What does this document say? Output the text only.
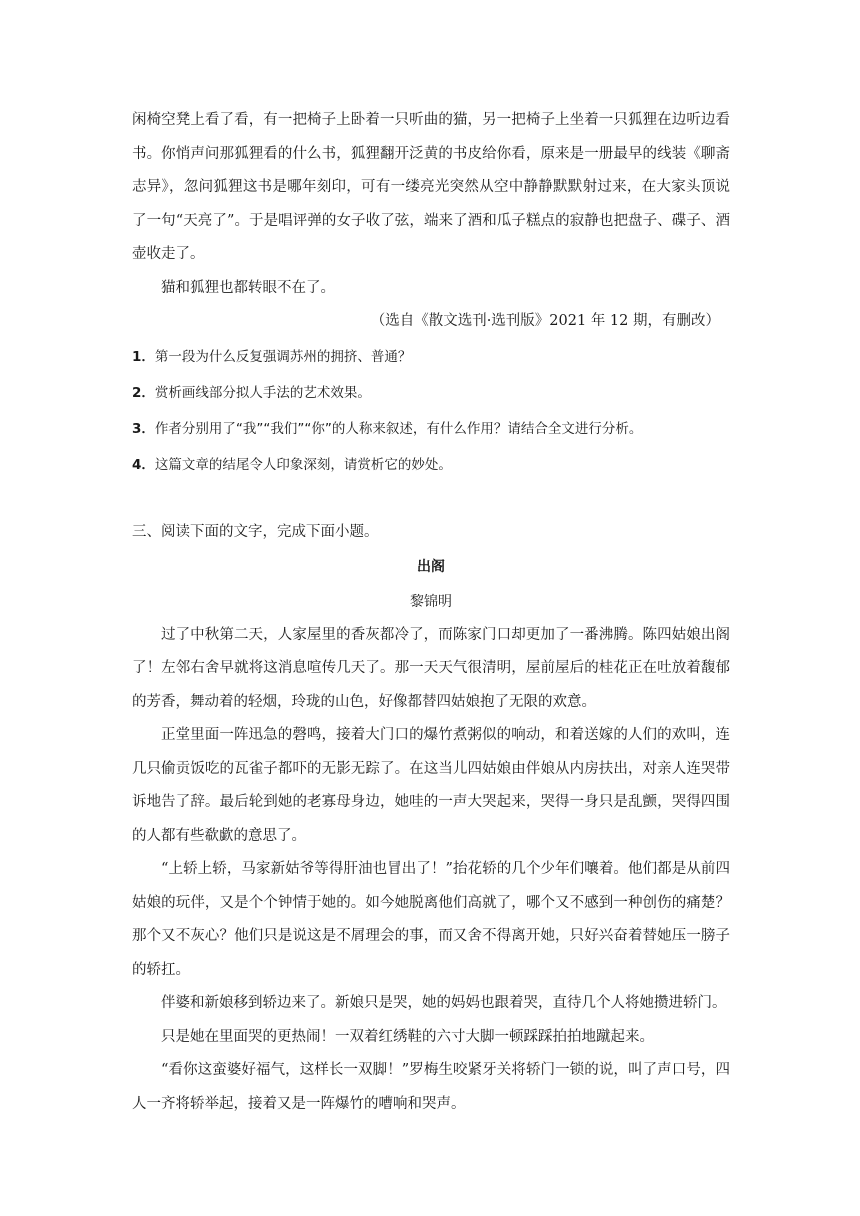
闲椅空凳上看了看，有一把椅子上卧着一只听曲的猫，另一把椅子上坐着一只狐狸在边听边看书。你悄声问那狐狸看的什么书，狐狸翻开泛黄的书皮给你看，原来是一册最早的线装《聊斋志异》，忽问狐狸这书是哪年刻印，可有一缕亮光突然从空中静静默默射过来，在大家头顶说了一句“天亮了”。于是唱评弹的女子收了弦，端来了酒和瓜子糕点的寂静也把盘子、碟子、酒壶收走了。

猫和狐狸也都转眼不在了。

（选自《散文选刊·选刊版》2021 年 12 期，有删改）

1．第一段为什么反复强调苏州的拥挤、普通？

2．赏析画线部分拟人手法的艺术效果。

3．作者分别用了“我”“我们”“你”的人称来叙述，有什么作用？请结合全文进行分析。

4．这篇文章的结尾令人印象深刻，请赏析它的妙处。

三、阅读下面的文字，完成下面小题。

出阁

黎锦明

过了中秋第二天，人家屋里的香灰都冷了，而陈家门口却更加了一番沸腾。陈四姑娘出阁了！左邻右舍早就将这消息喧传几天了。那一天天气很清明，屋前屋后的桂花正在吐放着馥郁的芳香，舞动着的轻烟，玲珑的山色，好像都替四姑娘抱了无限的欢意。

正堂里面一阵迅急的磬鸣，接着大门口的爆竹煮粥似的响动，和着送嫁的人们的欢叫，连几只偷贡饭吃的瓦雀子都吓的无影无踪了。在这当儿四姑娘由伴娘从内房扶出，对亲人连哭带诉地告了辞。最后轮到她的老寡母身边，她哇的一声大哭起来，哭得一身只是乱颤，哭得四围的人都有些欷歔的意思了。

“上轿上轿，马家新姑爷等得肝油也冒出了！”抬花轿的几个少年们嚷着。他们都是从前四姑娘的玩伴，又是个个钟情于她的。如今她脱离他们高就了，哪个又不感到一种创伤的痛楚？那个又不灰心？他们只是说这是不屑理会的事，而又舍不得离开她，只好兴奋着替她压一膀子的轿扛。

伴婆和新娘移到轿边来了。新娘只是哭，她的妈妈也跟着哭，直待几个人将她攒进轿门。

只是她在里面哭的更热闹！一双着红绣鞋的六寸大脚一顿踩踩拍拍地蹴起来。

“看你这蛮婆好福气，这样长一双脚！”罗梅生咬紧牙关将轿门一锁的说，叫了声口号，四人一齐将轿举起，接着又是一阵爆竹的嘈响和哭声。
